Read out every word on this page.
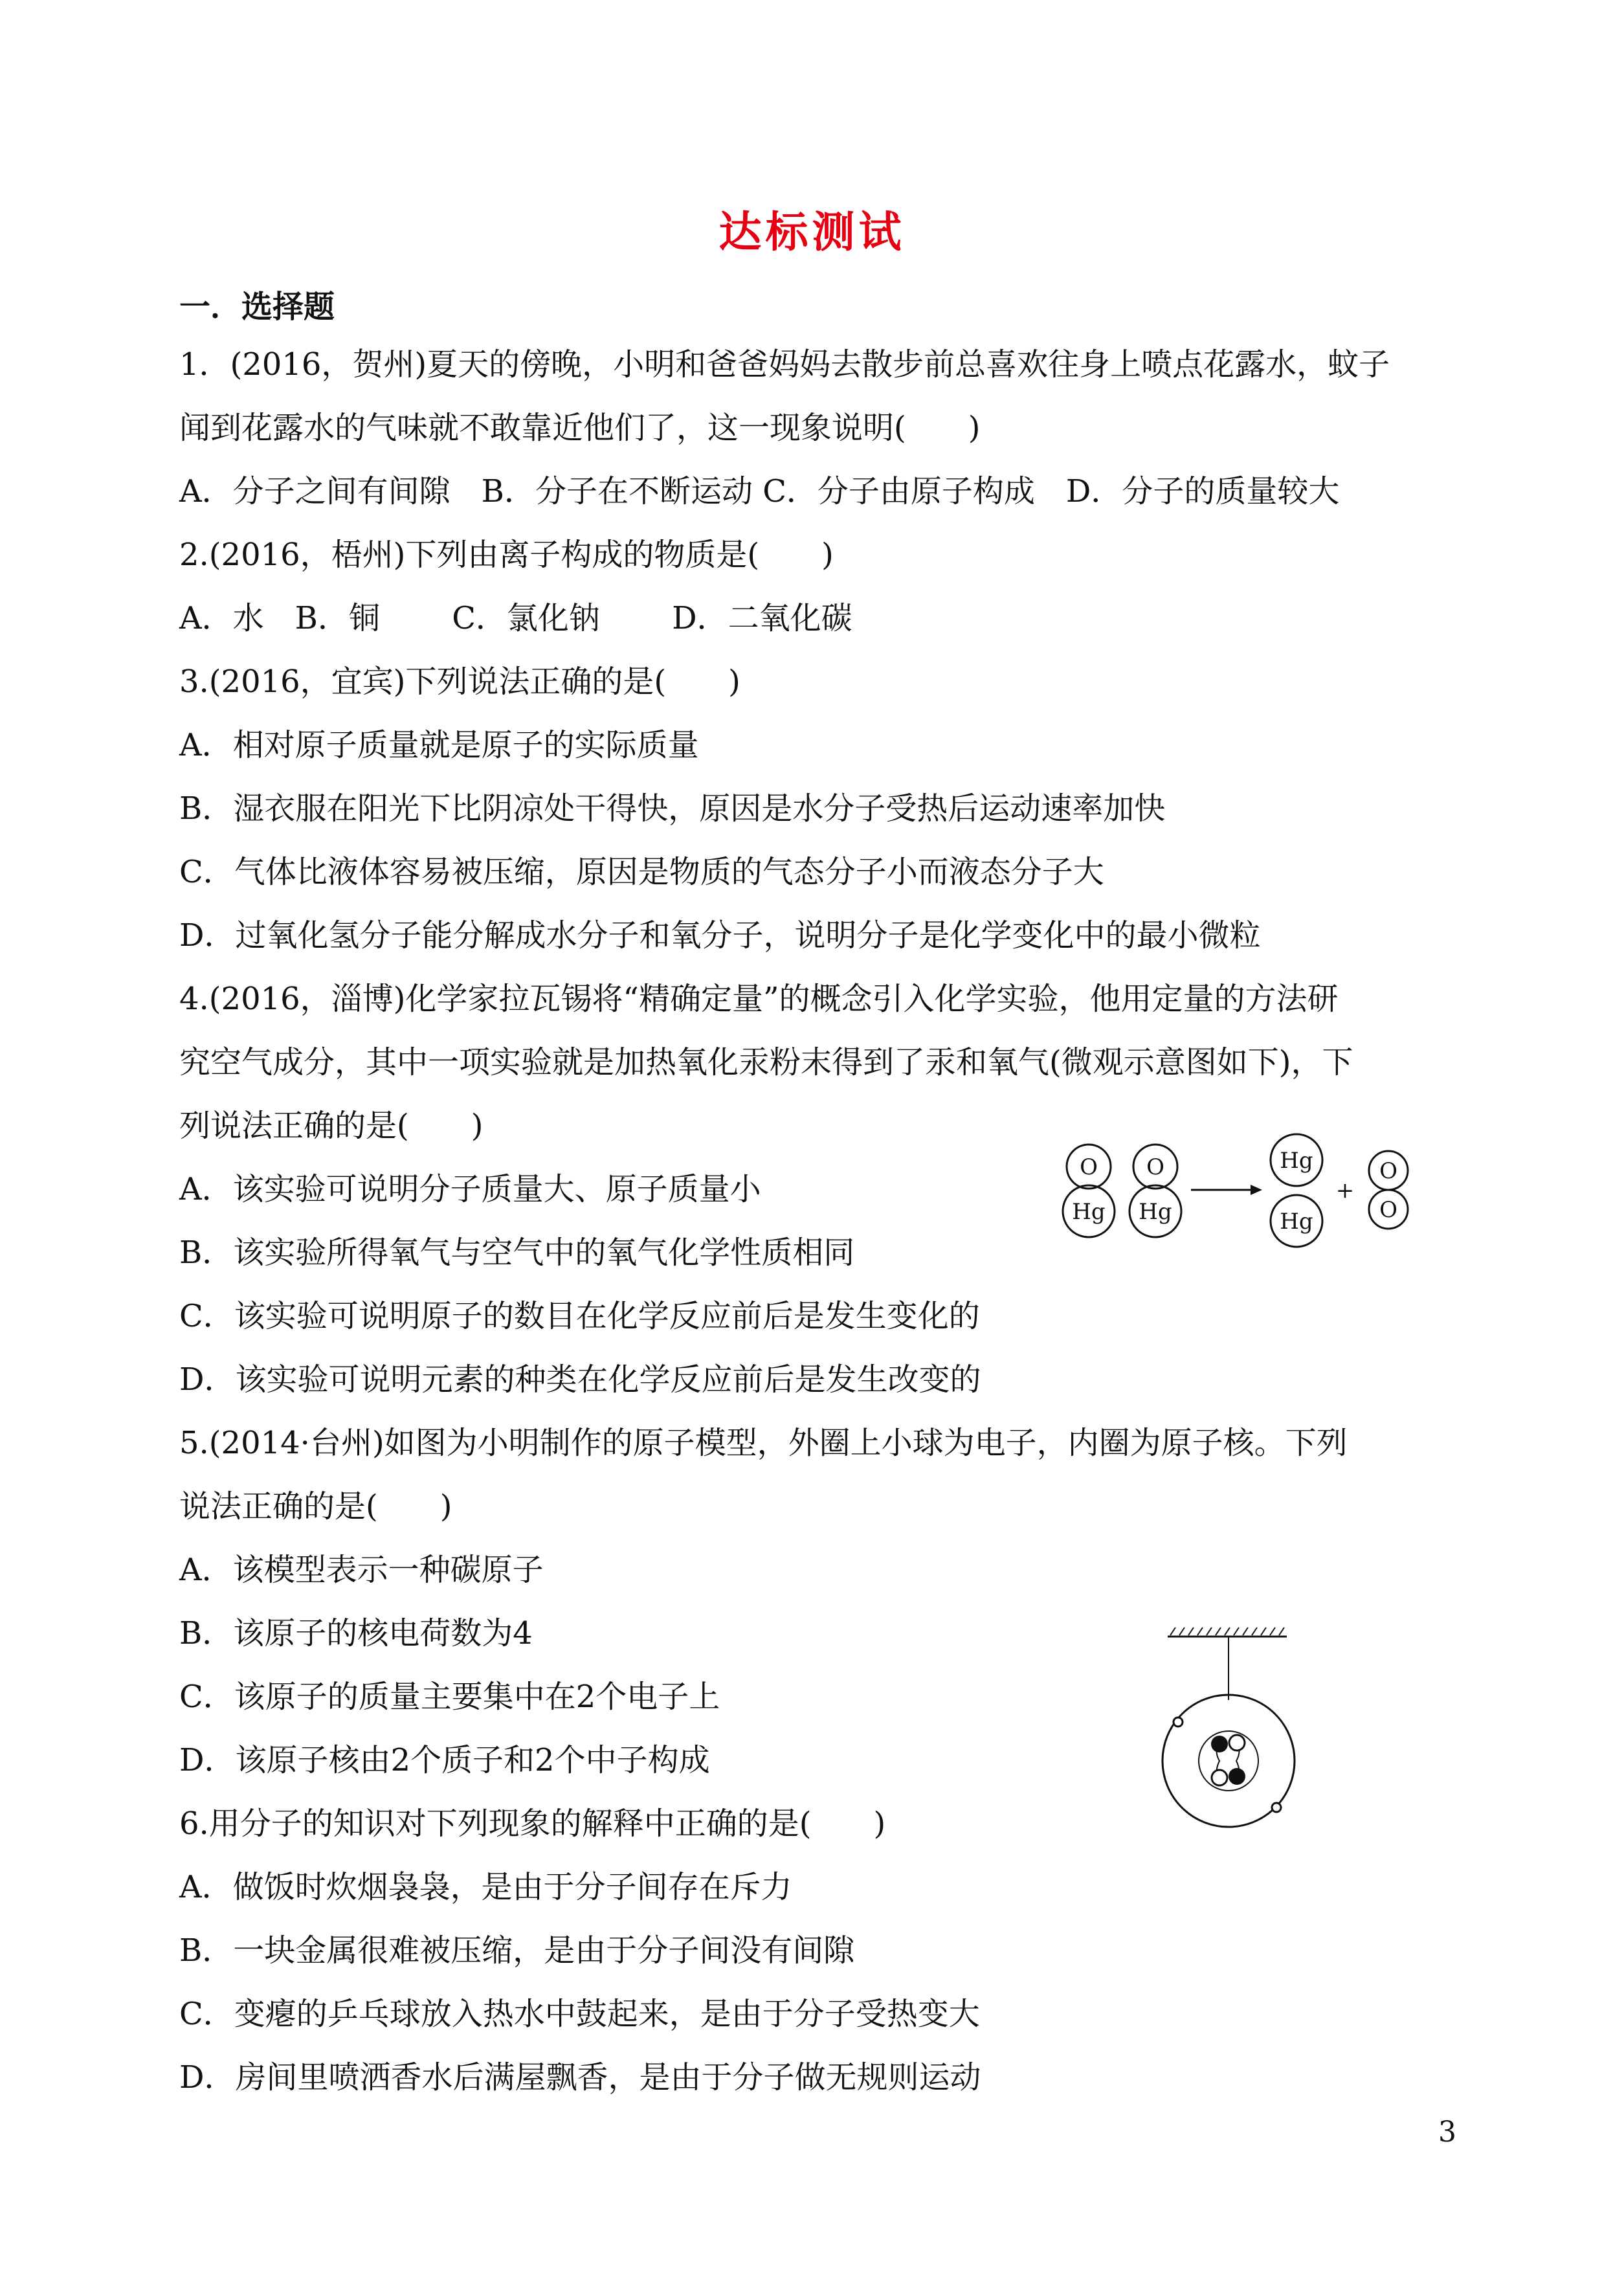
达标测试
一．选择题
1．(2016，贺州)夏天的傍晚，小明和爸爸妈妈去散步前总喜欢往身上喷点花露水，蚊子
闻到花露水的气味就不敢靠近他们了，这一现象说明(　　)
A．分子之间有间隙　B．分子在不断运动 C．分子由原子构成　D．分子的质量较大
2.(2016，梧州)下列由离子构成的物质是(　　)
A．水　B．铜　　 C．氯化钠　　 D．二氧化碳
3.(2016，宜宾)下列说法正确的是(　　)
A．相对原子质量就是原子的实际质量
B．湿衣服在阳光下比阴凉处干得快，原因是水分子受热后运动速率加快
C．气体比液体容易被压缩，原因是物质的气态分子小而液态分子大
D．过氧化氢分子能分解成水分子和氧分子，说明分子是化学变化中的最小微粒
4.(2016，淄博)化学家拉瓦锡将“精确定量”的概念引入化学实验，他用定量的方法研
究空气成分，其中一项实验就是加热氧化汞粉末得到了汞和氧气(微观示意图如下)，下
列说法正确的是(　　)
A．该实验可说明分子质量大、原子质量小
B．该实验所得氧气与空气中的氧气化学性质相同
C．该实验可说明原子的数目在化学反应前后是发生变化的
D．该实验可说明元素的种类在化学反应前后是发生改变的
5.(2014·台州)如图为小明制作的原子模型，外圈上小球为电子，内圈为原子核。下列
说法正确的是(　　)
A．该模型表示一种碳原子
B．该原子的核电荷数为4
C．该原子的质量主要集中在2个电子上
D．该原子核由2个质子和2个中子构成
6.用分子的知识对下列现象的解释中正确的是(　　)
A．做饭时炊烟袅袅，是由于分子间存在斥力
B．一块金属很难被压缩，是由于分子间没有间隙
C．变瘪的乒乓球放入热水中鼓起来，是由于分子受热变大
D．房间里喷洒香水后满屋飘香，是由于分子做无规则运动
O O
Hg Hg
Hg
Hg
+
O
O
3
